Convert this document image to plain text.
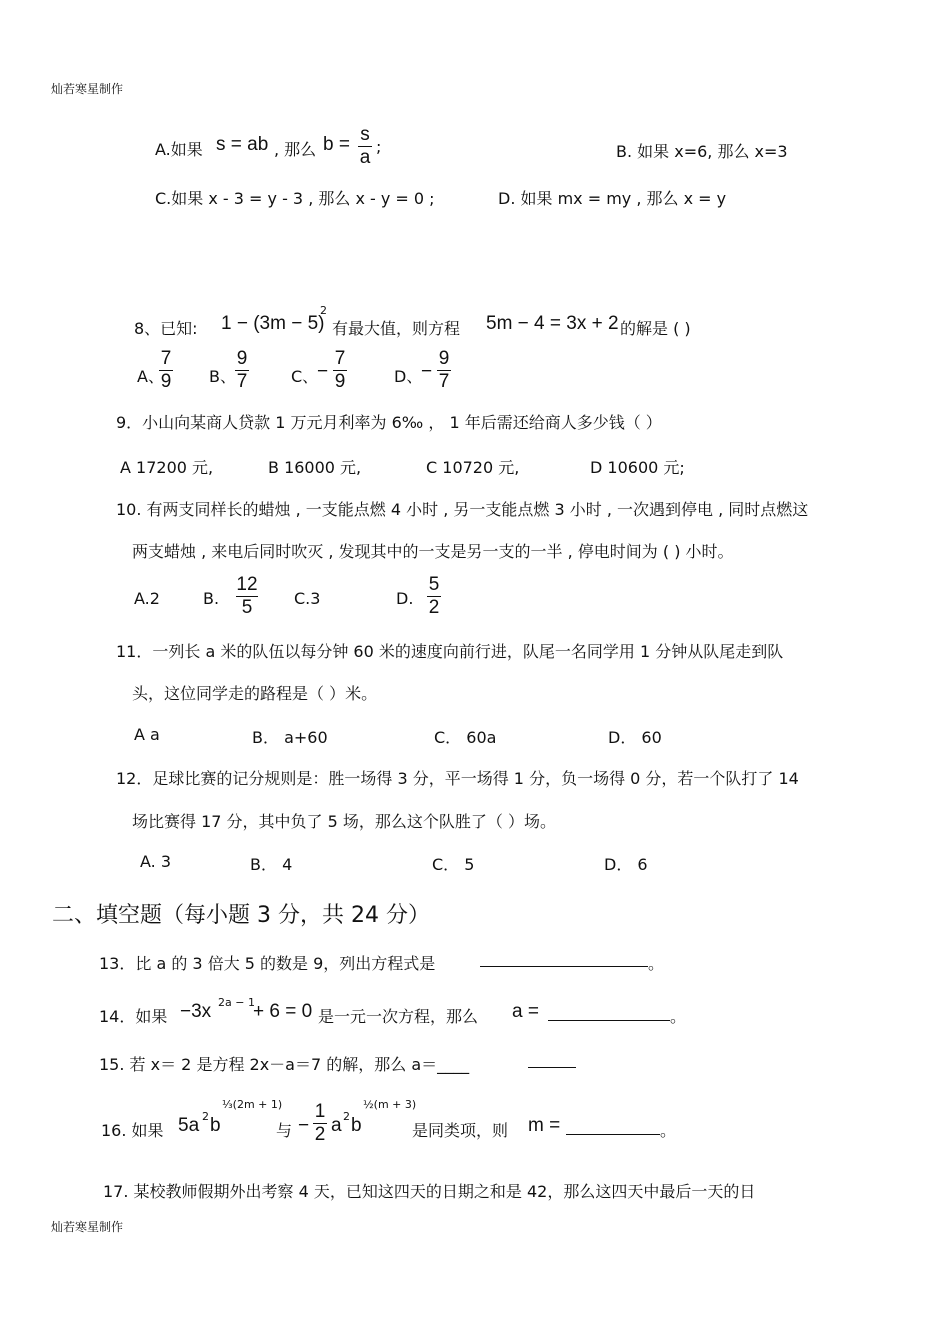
灿若寒星制作
A.如果 s = ab , 那么 b = s
a
;	B. 如果 x=6, 那么 x=3
C.如果 x - 3 = y - 3 , 那么 x - y = 0 ;	D. 如果 mx = my , 那么 x = y
8、已知: 1 − (3m − 5)
2
有最大值，则方程 5m − 4 = 3x + 2 的解是 ( )
A、
7
9 B、
9
7	C、
−
7
9	D、
−
9
7
9．小山向某商人贷款 1 万元月利率为 6‰ ， 1 年后需还给商人多少钱（ ）
A 17200 元,	B 16000 元,	C 10720 元,	D 10600 元;
10. 有两支同样长的蜡烛 , 一支能点燃 4 小时 , 另一支能点燃 3 小时 , 一次遇到停电 , 同时点燃这
两支蜡烛 , 来电后同时吹灭 , 发现其中的一支是另一支的一半 , 停电时间为 ( ) 小时。
A.2	B.
12
5	C.3	D.
5
2
11．一列长 a 米的队伍以每分钟 60 米的速度向前行进，队尾一名同学用 1 分钟从队尾走到队
头，这位同学走的路程是（ ）米。
A a	B． a+60	C． 60a	D． 60
12．足球比赛的记分规则是：胜一场得 3 分，平一场得 1 分，负一场得 0 分，若一个队打了 14
场比赛得 17 分，其中负了 5 场，那么这个队胜了（ ）场。
A. 3	B． 4	C． 5	D． 6
二、填空题（每小题 3 分，共 24 分）
13．比 a 的 3 倍大 5 的数是 9，列出方程式是	。
14．如果 −3x 2a − 1
+ 6 = 0 是一元一次方程，那么 a =	。
15. 若 x＝ 2 是方程 2x－a＝7 的解，那么 a＝____
16. 如果 5a 2 b
⅓(2m + 1)
与 −
1
2 a 2 b
½(m + 3)
是同类项，则 m =	。
17. 某校教师假期外出考察 4 天，已知这四天的日期之和是 42，那么这四天中最后一天的日
灿若寒星制作
